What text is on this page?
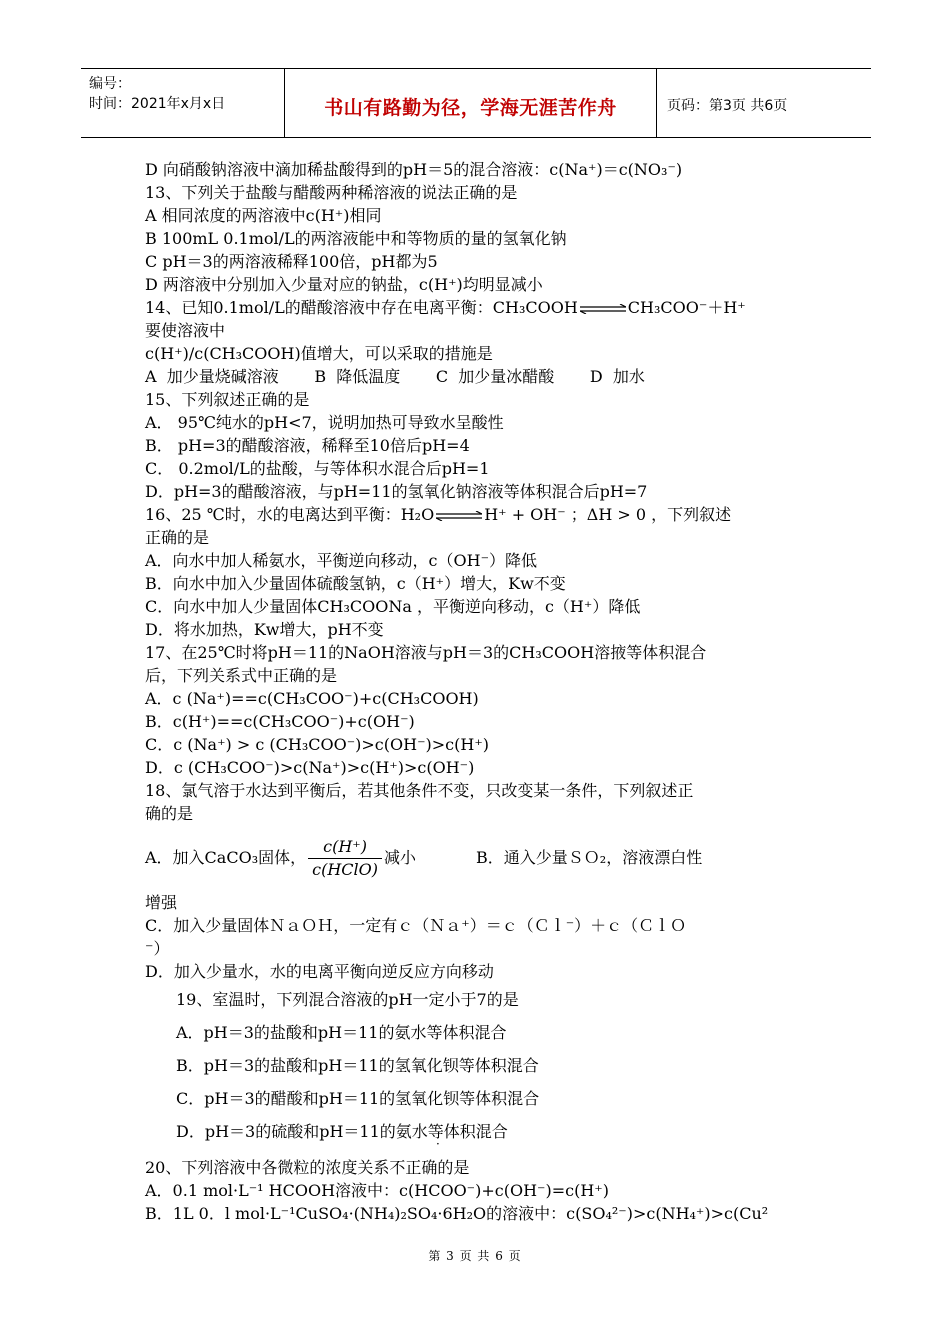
编号：
时间：2021年x月x日	书山有路勤为径，学海无涯苦作舟	页码：第3页 共6页
D 向硝酸钠溶液中滴加稀盐酸得到的pH＝5的混合溶液：c(Na⁺)＝c(NO₃⁻)
13、下列关于盐酸与醋酸两种稀溶液的说法正确的是
A 相同浓度的两溶液中c(H⁺)相同
B 100mL 0.1mol/L的两溶液能中和等物质的量的氢氧化钠
C pH＝3的两溶液稀释100倍，pH都为5
D 两溶液中分别加入少量对应的钠盐，c(H⁺)均明显减小
14、已知0.1mol/L的醋酸溶液中存在电离平衡：CH₃COOH ⇌ CH₃COO⁻＋H⁺
要使溶液中
c(H⁺)/c(CH₃COOH)值增大，可以采取的措施是
A  加少量烧碱溶液       B  降低温度       C  加少量冰醋酸       D  加水
15、下列叙述正确的是
A． 95℃纯水的pH<7，说明加热可导致水呈酸性
B． pH=3的醋酸溶液，稀释至10倍后pH=4
C． 0.2mol/L的盐酸，与等体积水混合后pH=1
D．pH=3的醋酸溶液，与pH=11的氢氧化钠溶液等体积混合后pH=7
16、25 ℃时，水的电离达到平衡：H₂O ⇌ H⁺ + OH⁻ ；ΔH > 0 ，下列叙述
正确的是
A．向水中加人稀氨水，平衡逆向移动，c（OH⁻）降低
B．向水中加入少量固体硫酸氢钠，c（H⁺）增大，Kw不变
C．向水中加人少量固体CH₃COONa ，平衡逆向移动，c（H⁺）降低
D．将水加热，Kw增大，pH不变
17、在25℃时将pH＝11的NaOH溶液与pH＝3的CH₃COOH溶掖等体积混合
后，下列关系式中正确的是
A．c (Na⁺)==c(CH₃COO⁻)+c(CH₃COOH)
B．c(H⁺)==c(CH₃COO⁻)+c(OH⁻)
C．c (Na⁺) > c (CH₃COO⁻)>c(OH⁻)>c(H⁺)
D．c (CH₃COO⁻)>c(Na⁺)>c(H⁺)>c(OH⁻)
18、氯气溶于水达到平衡后，若其他条件不变，只改变某一条件，下列叙述正
确的是
A．加入CaCO₃固体， $\frac{c(H^+)}{\text{c(HClO)}}$ 减小	B．通入少量ＳＯ₂，溶液漂白性
增强
C．加入少量固体ＮａＯＨ，一定有ｃ（Ｎａ⁺）＝ｃ（Ｃｌ⁻）＋ｃ（ＣｌＯ
⁻）
D．加入少量水，水的电离平衡向逆反应方向移动
19、室温时，下列混合溶液的pH一定小于7的是
A．pH＝3的盐酸和pH＝11的氨水等体积混合
B．pH＝3的盐酸和pH＝11的氢氧化钡等体积混合
C．pH＝3的醋酸和pH＝11的氢氧化钡等体积混合
D．pH＝3的硫酸和pH＝11的氨水等体积混合
20、下列溶液中各微粒的浓度关系不正确的是
A．0.1 mol·L⁻¹ HCOOH溶液中：c(HCOO⁻)+c(OH⁻)=c(H⁺)
B．1L 0．l mol·L⁻¹CuSO₄·(NH₄)₂SO₄·6H₂O的溶液中：c(SO₄²⁻)>c(NH₄⁺)>c(Cu²
·
第 3 页 共 6 页
